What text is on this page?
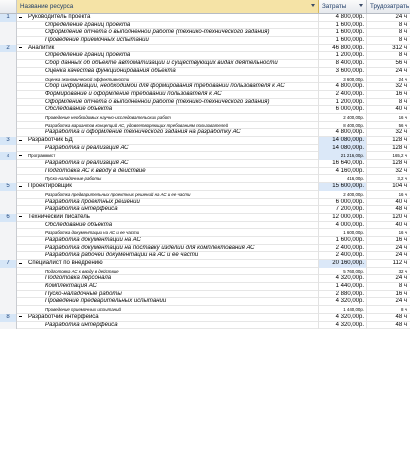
Название ресурса	Затраты	Трудозатрать
1	Руководитель проекта	4 800,00р.	24 ч
Определение границ проекта	1 600,00р.	8 ч
Оформление отчета о выполненной работе (технико-технического задания)	1 600,00р.	8 ч
Проведение приемочных испытаний	1 600,00р.	8 ч
2	Аналитик	46 800,00р.	312 ч
Определение границ проекта	1 200,00р.	8 ч
Сбор данных об объекте автоматизации и существующих видах деятельности	8 400,00р.	56 ч
Оценка качества функционирования объекта	3 600,00р.	24 ч
Оценка экономической эффективности	3 600,00р.	24 ч
Сбор информации, необходимой для формирования требований пользователя к АС	4 800,00р.	32 ч
Формирование и оформление требований пользователя к АС	2 400,00р.	16 ч
Оформление отчета о выполненной работе (технико-технического задания)	1 200,00р.	8 ч
Обследование объекта	6 000,00р.	40 ч
Проведение необходимых научно-исследовательских работ	2 400,00р.	16 ч
Разработка вариантов концепций АС, удовлетворяющих требованиям пользователей	8 400,00р.	56 ч
Разработка и оформление технического задания на разработку АС	4 800,00р.	32 ч
3	Разработчик БД	14 080,00р.	128 ч
Разработка и реализация АС	14 080,00р.	128 ч
4	Программист	21 216,00р.	165,2 ч
Разработка и реализация АС	16 640,00р.	128 ч
Подготовка АС к вводу в действие	4 160,00р.	32 ч
Пуско-наладочные работы	416,00р.	3,2 ч
5	Проектировщик	15 600,00р.	104 ч
Разработка предварительных проектных решений на АС и ее части	2 400,00р.	16 ч
Разработка проектных решений	6 000,00р.	40 ч
Разработка интерфейса	7 200,00р.	48 ч
6	Технический писатель	12 000,00р.	120 ч
Обследование объекта	4 000,00р.	40 ч
Разработка документации на АС и ее части	1 600,00р.	16 ч
Разработка документации на АС	1 600,00р.	16 ч
Разработка документации на поставку изделий для комплектования АС	2 400,00р.	24 ч
Разработка рабочей документации на АС и ее части	2 400,00р.	24 ч
7	Специалист по внедрению	20 160,00р.	112 ч
Подготовка АС к вводу в действие	5 760,00р.	32 ч
Подготовка персонала	4 320,00р.	24 ч
Комплектация АС	1 440,00р.	8 ч
Пуско-наладочные работы	2 880,00р.	16 ч
Проведение предварительных испытаний	4 320,00р.	24 ч
Проведение приемочных испытаний	1 440,00р.	8 ч
8	Разработчик интерфейса	4 320,00р.	48 ч
Разработка интерфейса	4 320,00р.	48 ч
